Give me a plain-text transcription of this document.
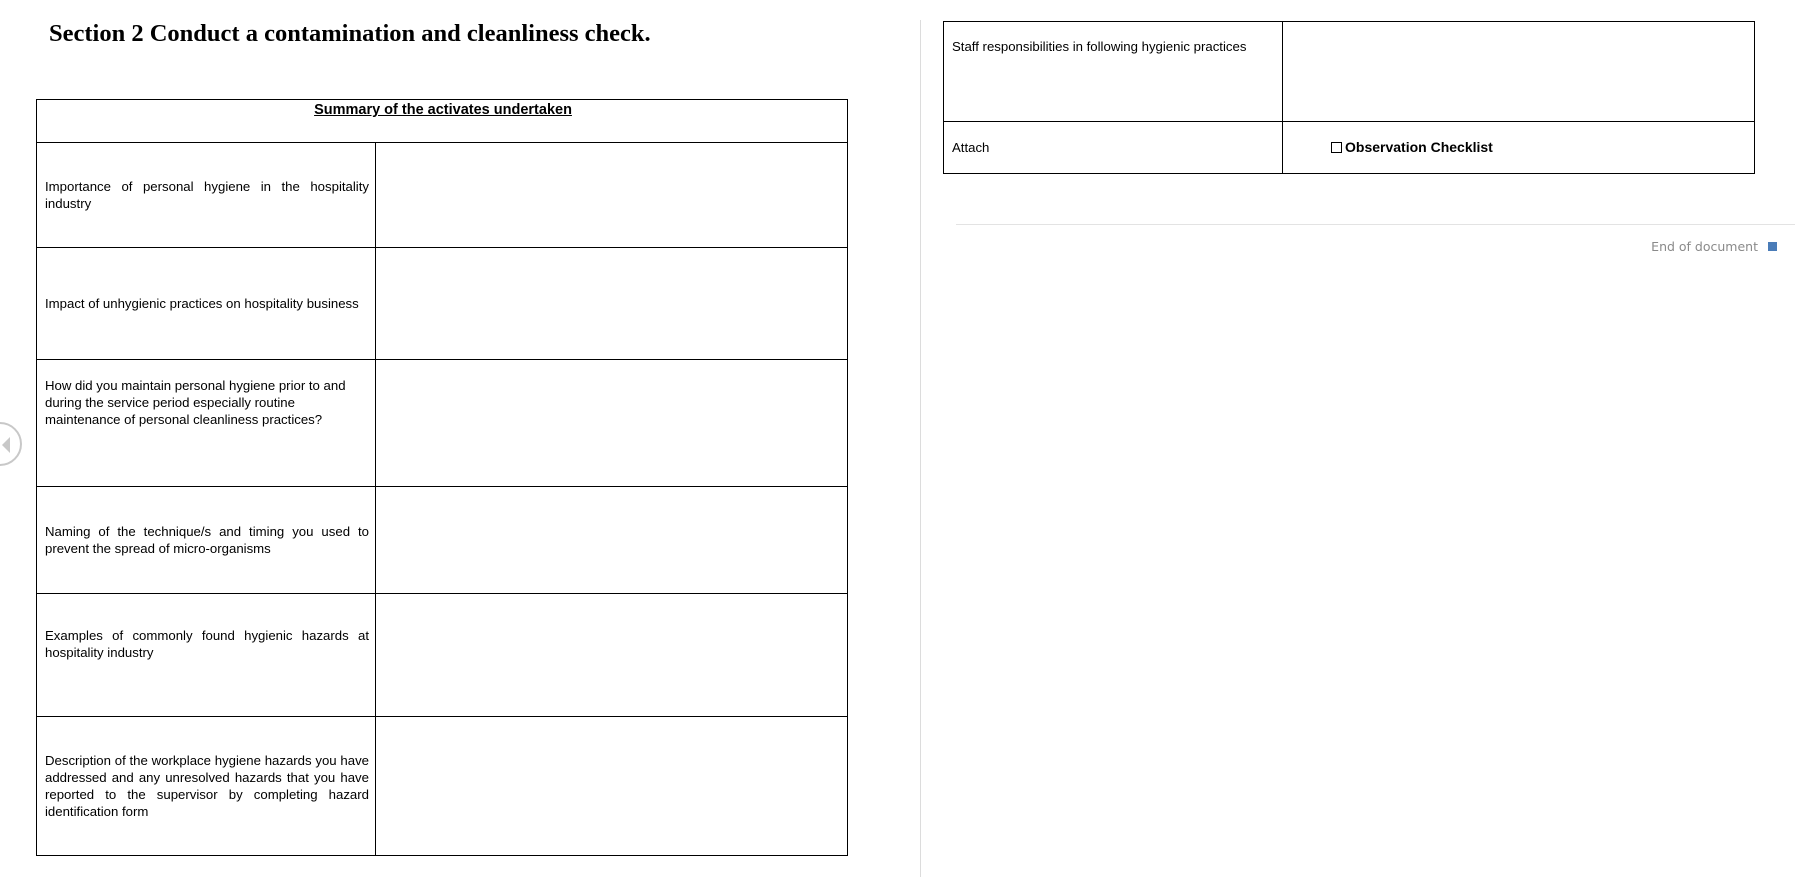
Section 2 Conduct a contamination and cleanliness check.
Summary of the activates undertaken	
Importance of personal hygiene in the hospitality industry	
Impact of unhygienic practices on hospitality business	
How did you maintain personal hygiene prior to and during the service period especially routine maintenance of personal cleanliness practices?	
Naming of the technique/s and timing you used to prevent the spread of micro-organisms	
Examples of commonly found hygienic hazards at hospitality industry	
Description of the workplace hygiene hazards you have addressed and any unresolved hazards that you have reported to the supervisor by completing hazard identification form	
Staff responsibilities in following hygienic practices	
Attach	Observation Checklist
End of document
